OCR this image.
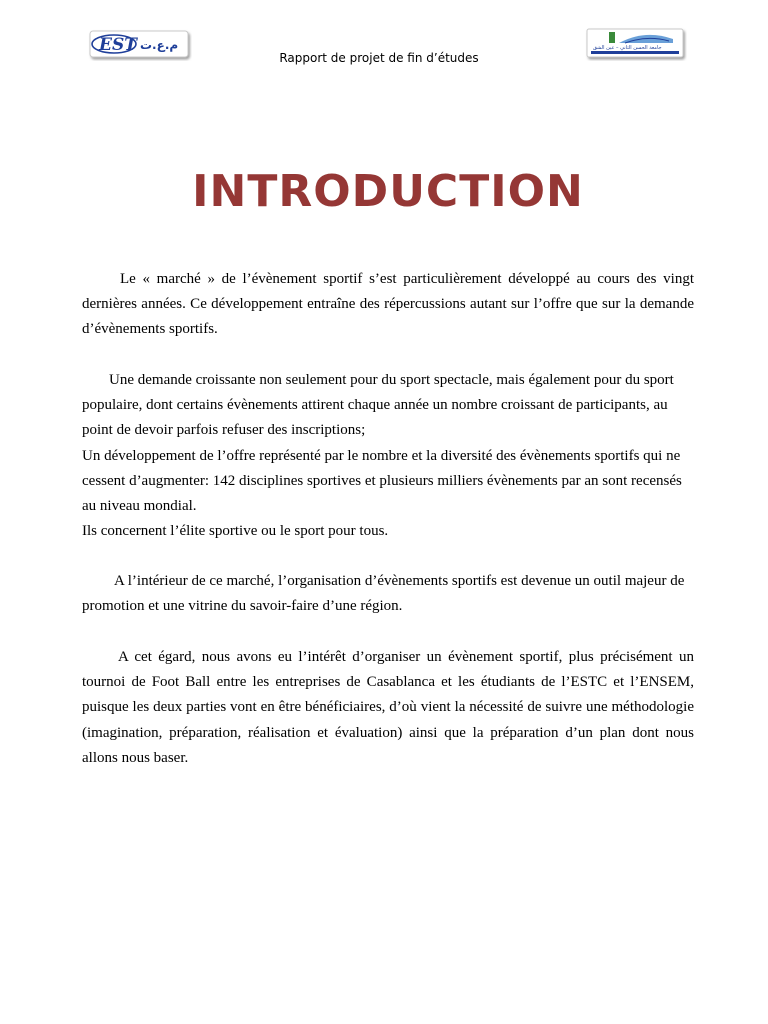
EST م.ع.ت	جامعة الحسن الثاني – عين الشق
Rapport de projet de fin d’études
INTRODUCTION

Le « marché » de l’évènement sportif s’est particulièrement développé au cours des vingt dernières années. Ce développement entraîne des répercussions autant sur l’offre que sur la demande d’évènements sportifs.

Une demande croissante non seulement pour du sport spectacle, mais également pour du sport populaire, dont certains évènements attirent chaque année un nombre croissant de participants, au point de devoir parfois refuser des inscriptions;

Un développement de l’offre représenté par le nombre et la diversité des évènements sportifs qui ne cessent d’augmenter: 142 disciplines sportives et plusieurs milliers évènements par an sont recensés au niveau mondial.

Ils concernent l’élite sportive ou le sport pour tous.

A l’intérieur de ce marché, l’organisation d’évènements sportifs est devenue un outil majeur de promotion et une vitrine du savoir-faire d’une région.

A cet égard, nous avons eu l’intérêt d’organiser un évènement sportif, plus précisément un tournoi de Foot Ball entre les entreprises de Casablanca et les étudiants de l’ESTC et l’ENSEM, puisque les deux parties vont en être bénéficiaires, d’où vient la nécessité de suivre une méthodologie (imagination, préparation, réalisation et évaluation) ainsi que la préparation d’un plan dont nous allons nous baser.
